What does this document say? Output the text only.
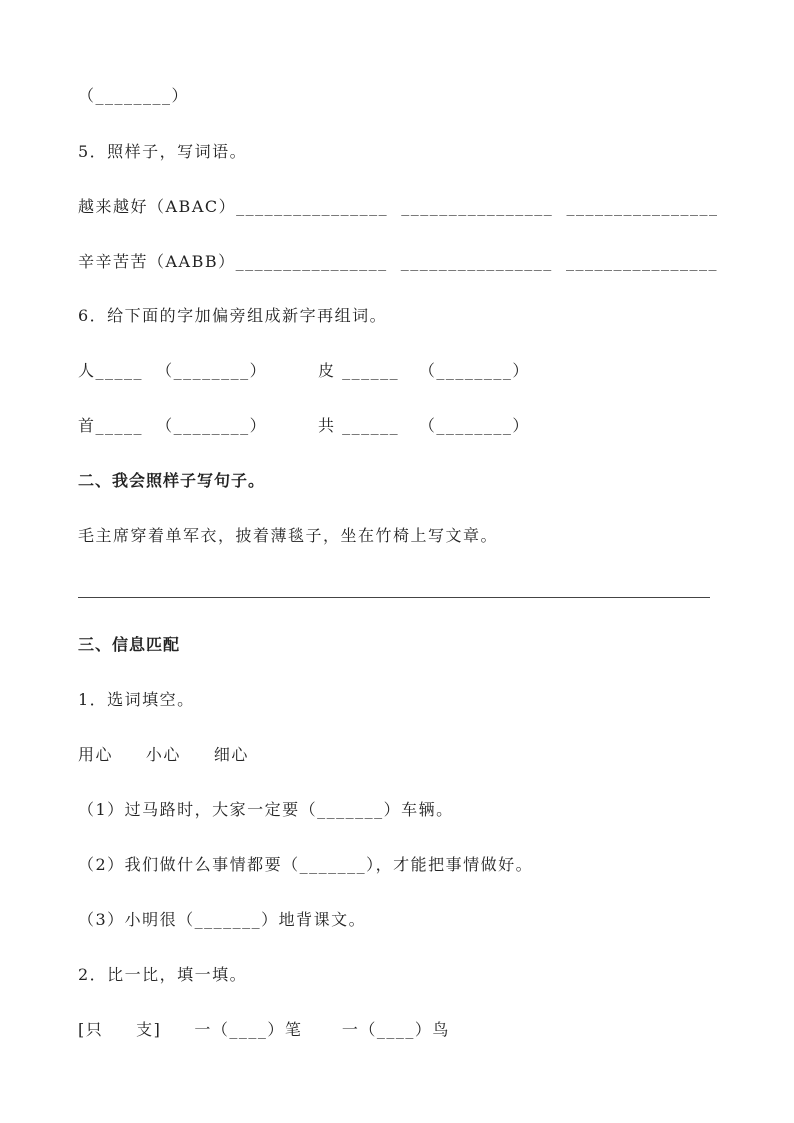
（________）
5．照样子，写词语。
越来越好（ABAC）________________  ________________  ________________
辛辛苦苦（AABB）________________  ________________  ________________
6．给下面的字加偏旁组成新字再组词。
人_____  （________）	皮 ______   （________）
首_____  （________）	共 ______   （________）
二、我会照样子写句子。
毛主席穿着单军衣，披着薄毯子，坐在竹椅上写文章。
三、信息匹配
1．选词填空。
用心     小心     细心
（1）过马路时，大家一定要（_______）车辆。
（2）我们做什么事情都要（_______），才能把事情做好。
（3）小明很（_______）地背课文。
2．比一比，填一填。
[只     支]     一（____）笔      一（____）鸟
